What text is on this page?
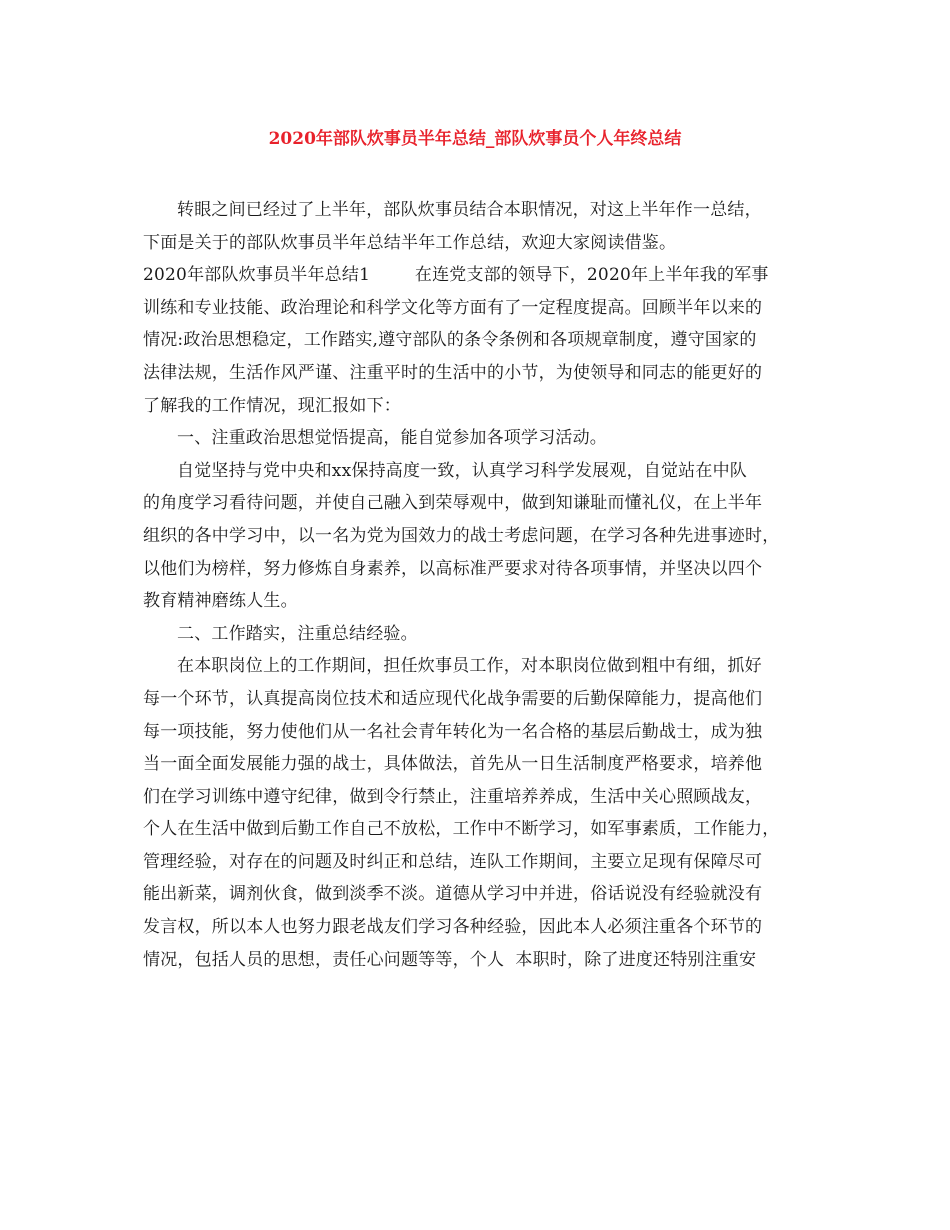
2020年部队炊事员半年总结_部队炊事员个人年终总结
转眼之间已经过了上半年，部队炊事员结合本职情况，对这上半年作一总结，
下面是关于的部队炊事员半年总结半年工作总结，欢迎大家阅读借鉴。
2020年部队炊事员半年总结1        在连党支部的领导下，2020年上半年我的军事
训练和专业技能、政治理论和科学文化等方面有了一定程度提高。回顾半年以来的
情况:政治思想稳定，工作踏实,遵守部队的条令条例和各项规章制度，遵守国家的
法律法规，生活作风严谨、注重平时的生活中的小节，为使领导和同志的能更好的
了解我的工作情况，现汇报如下：
一、注重政治思想觉悟提高，能自觉参加各项学习活动。
自觉坚持与党中央和xx保持高度一致，认真学习科学发展观，自觉站在中队
的角度学习看待问题，并使自己融入到荣辱观中，做到知谦耻而懂礼仪，在上半年
组织的各中学习中，以一名为党为国效力的战士考虑问题，在学习各种先进事迹时，
以他们为榜样，努力修炼自身素养，以高标准严要求对待各项事情，并坚决以四个
教育精神磨练人生。
二、工作踏实，注重总结经验。
在本职岗位上的工作期间，担任炊事员工作，对本职岗位做到粗中有细，抓好
每一个环节，认真提高岗位技术和适应现代化战争需要的后勤保障能力，提高他们
每一项技能，努力使他们从一名社会青年转化为一名合格的基层后勤战士，成为独
当一面全面发展能力强的战士，具体做法，首先从一日生活制度严格要求，培养他
们在学习训练中遵守纪律，做到令行禁止，注重培养养成，生活中关心照顾战友，
个人在生活中做到后勤工作自己不放松，工作中不断学习，如军事素质，工作能力，
管理经验，对存在的问题及时纠正和总结，连队工作期间，主要立足现有保障尽可
能出新菜，调剂伙食，做到淡季不淡。道德从学习中并进，俗话说没有经验就没有
发言权，所以本人也努力跟老战友们学习各种经验，因此本人必须注重各个环节的
情况，包括人员的思想，责任心问题等等，个人  本职时，除了进度还特别注重安
